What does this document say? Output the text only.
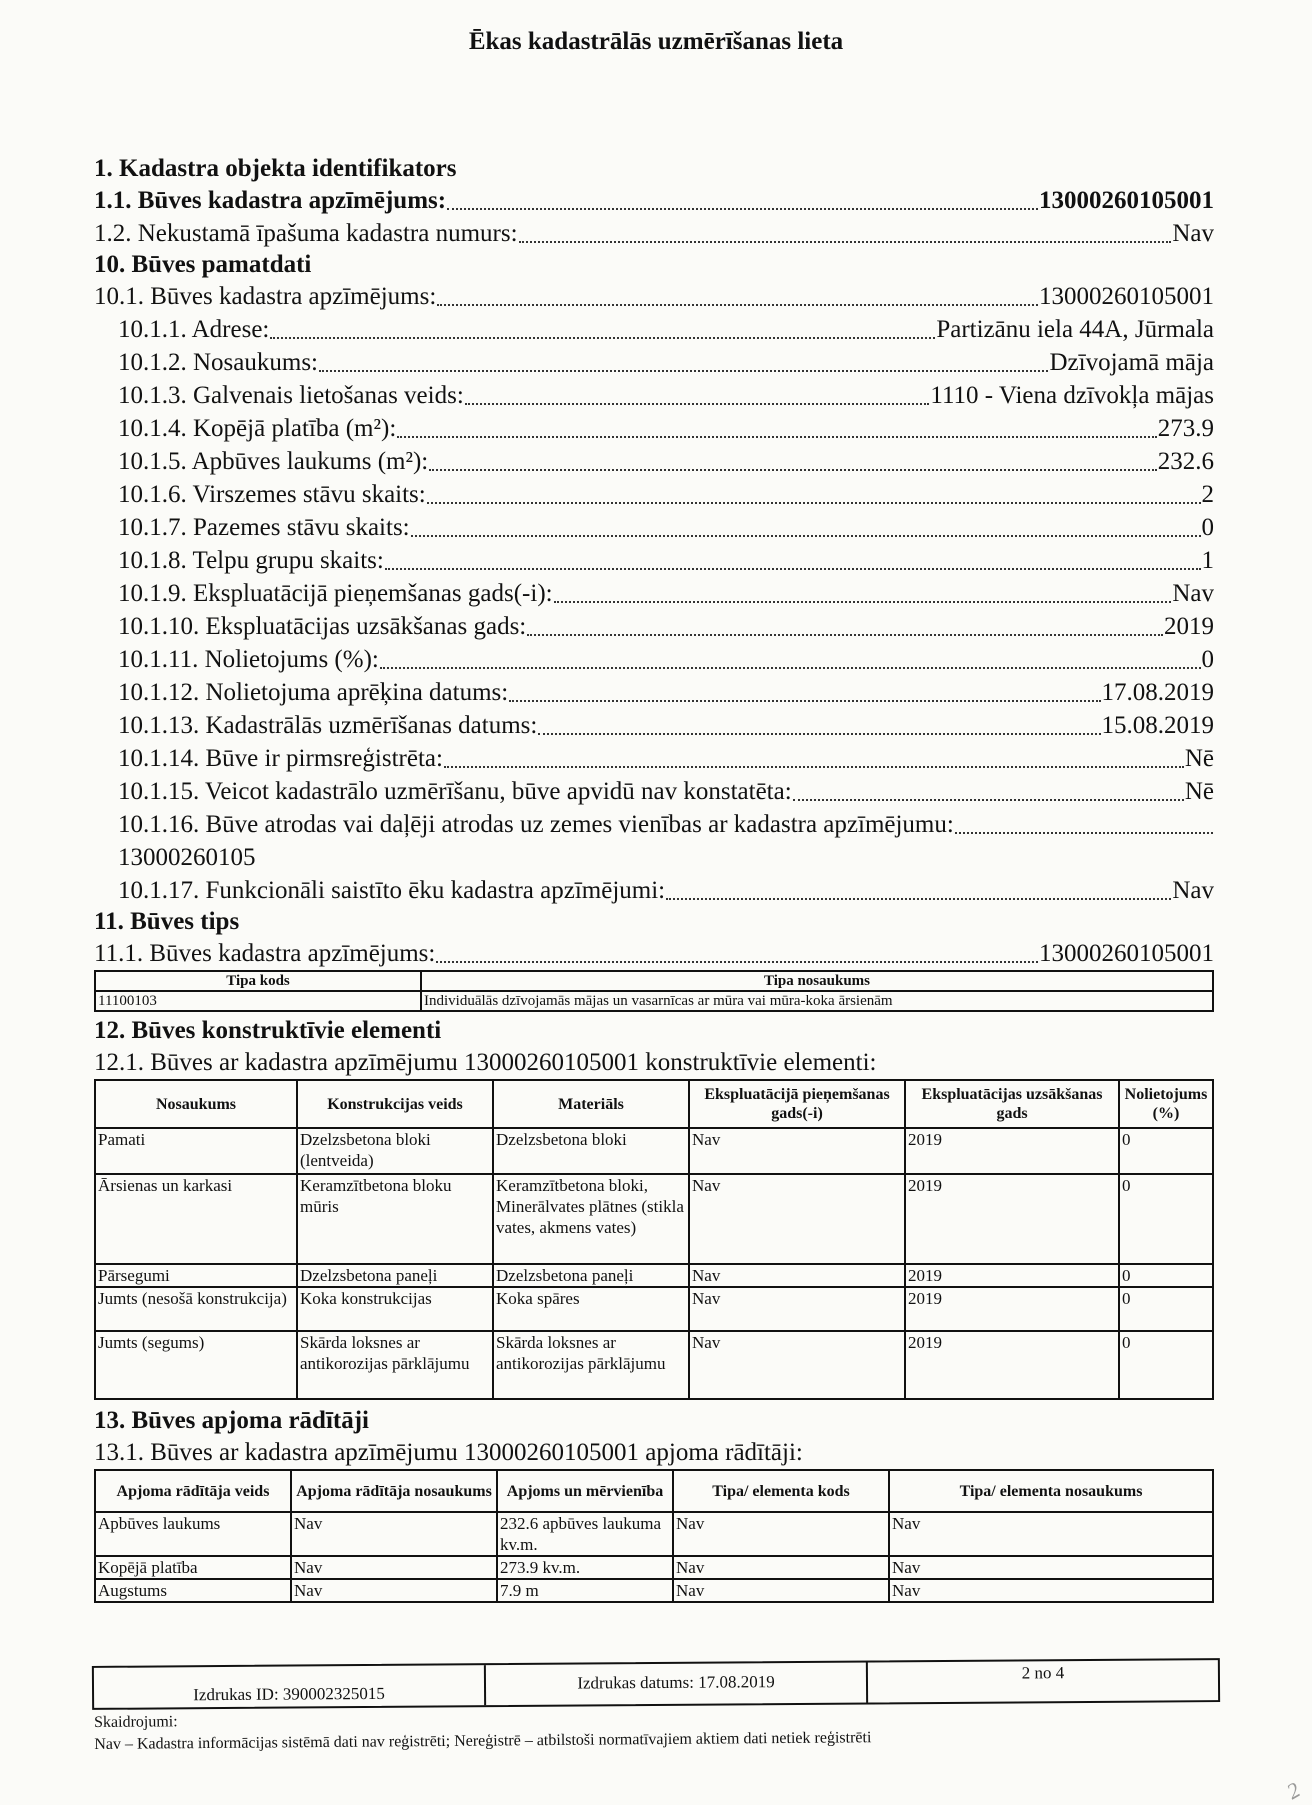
Ēkas kadastrālās uzmērīšanas lieta
1. Kadastra objekta identifikators
1.1. Būves kadastra apzīmējums:	13000260105001
1.2. Nekustamā īpašuma kadastra numurs:	Nav
10. Būves pamatdati
10.1. Būves kadastra apzīmējums:	13000260105001
10.1.1. Adrese:	Partizānu iela 44A, Jūrmala
10.1.2. Nosaukums:	Dzīvojamā māja
10.1.3. Galvenais lietošanas veids:	1110 - Viena dzīvokļa mājas
10.1.4. Kopējā platība (m²):	273.9
10.1.5. Apbūves laukums (m²):	232.6
10.1.6. Virszemes stāvu skaits:	2
10.1.7. Pazemes stāvu skaits:	0
10.1.8. Telpu grupu skaits:	1
10.1.9. Ekspluatācijā pieņemšanas gads(-i):	Nav
10.1.10. Ekspluatācijas uzsākšanas gads:	2019
10.1.11. Nolietojums (%):	0
10.1.12. Nolietojuma aprēķina datums:	17.08.2019
10.1.13. Kadastrālās uzmērīšanas datums:	15.08.2019
10.1.14. Būve ir pirmsreģistrēta:	Nē
10.1.15. Veicot kadastrālo uzmērīšanu, būve apvidū nav konstatēta:	Nē
10.1.16. Būve atrodas vai daļēji atrodas uz zemes vienības ar kadastra apzīmējumu:
13000260105
10.1.17. Funkcionāli saistīto ēku kadastra apzīmējumi:	Nav
11. Būves tips
11.1. Būves kadastra apzīmējums:	13000260105001
Tipa kods	Tipa nosaukums
11100103	Individuālās dzīvojamās mājas un vasarnīcas ar mūra vai mūra-koka ārsienām
12. Būves konstruktīvie elementi
12.1. Būves ar kadastra apzīmējumu 13000260105001 konstruktīvie elementi:
Nosaukums	Konstrukcijas veids	Materiāls	Ekspluatācijā pieņemšanas gads(-i)	Ekspluatācijas uzsākšanas gads	Nolietojums (%)
Pamati	Dzelzsbetona bloki (lentveida)	Dzelzsbetona bloki	Nav	2019	0
Ārsienas un karkasi	Keramzītbetona bloku mūris	Keramzītbetona bloki, Minerālvates plātnes (stikla vates, akmens vates)	Nav	2019	0
Pārsegumi	Dzelzsbetona paneļi	Dzelzsbetona paneļi	Nav	2019	0
Jumts (nesošā konstrukcija)	Koka konstrukcijas	Koka spāres	Nav	2019	0
Jumts (segums)	Skārda loksnes ar antikorozijas pārklājumu	Skārda loksnes ar antikorozijas pārklājumu	Nav	2019	0
13. Būves apjoma rādītāji
13.1. Būves ar kadastra apzīmējumu 13000260105001 apjoma rādītāji:
Apjoma rādītāja veids	Apjoma rādītāja nosaukums	Apjoms un mērvienība	Tipa/ elementa kods	Tipa/ elementa nosaukums
Apbūves laukums	Nav	232.6 apbūves laukuma kv.m.	Nav	Nav
Kopējā platība	Nav	273.9 kv.m.	Nav	Nav
Augstums	Nav	7.9 m	Nav	Nav
Izdrukas ID: 390002325015
Izdrukas datums: 17.08.2019	2 no 4
Skaidrojumi:
Nav – Kadastra informācijas sistēmā dati nav reģistrēti; Nereģistrē – atbilstoši normatīvajiem aktiem dati netiek reģistrēti
2
